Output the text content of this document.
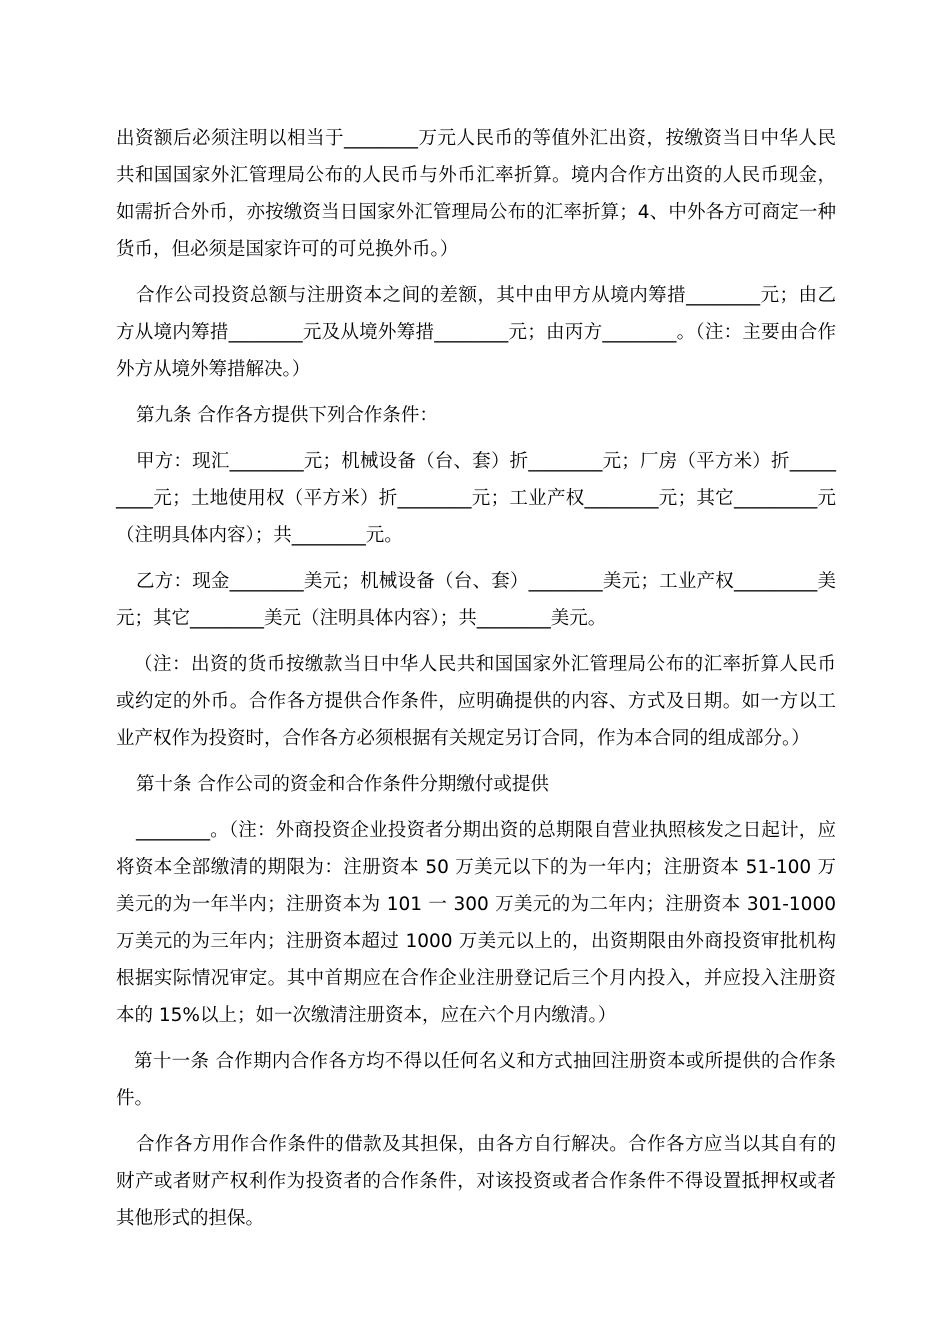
出资额后必须注明以相当于________万元人民币的等值外汇出资，按缴资当日中华人民共和国国家外汇管理局公布的人民币与外币汇率折算。境内合作方出资的人民币现金，如需折合外币，亦按缴资当日国家外汇管理局公布的汇率折算；4、中外各方可商定一种货币，但必须是国家许可的可兑换外币。）

合作公司投资总额与注册资本之间的差额，其中由甲方从境内筹措________元；由乙方从境内筹措________元及从境外筹措________元；由丙方________。（注：主要由合作外方从境外筹措解决。）

第九条 合作各方提供下列合作条件：

甲方：现汇________元；机械设备（台、套）折________元；厂房（平方米）折_________元；土地使用权（平方米）折________元；工业产权________元；其它_________元（注明具体内容）；共________元。

乙方：现金________美元；机械设备（台、套）________美元；工业产权_________美元；其它________美元（注明具体内容）；共________美元。

（注：出资的货币按缴款当日中华人民共和国国家外汇管理局公布的汇率折算人民币或约定的外币。合作各方提供合作条件，应明确提供的内容、方式及日期。如一方以工业产权作为投资时，合作各方必须根据有关规定另订合同，作为本合同的组成部分。）

第十条 合作公司的资金和合作条件分期缴付或提供

________。（注：外商投资企业投资者分期出资的总期限自营业执照核发之日起计，应将资本全部缴清的期限为：注册资本 50 万美元以下的为一年内；注册资本 51-100 万美元的为一年半内；注册资本为 101 一 300 万美元的为二年内；注册资本 301-1000 万美元的为三年内；注册资本超过 1000 万美元以上的，出资期限由外商投资审批机构根据实际情况审定。其中首期应在合作企业注册登记后三个月内投入，并应投入注册资本的 15%以上；如一次缴清注册资本，应在六个月内缴清。）

第十一条 合作期内合作各方均不得以任何名义和方式抽回注册资本或所提供的合作条件。

合作各方用作合作条件的借款及其担保，由各方自行解决。合作各方应当以其自有的财产或者财产权利作为投资者的合作条件，对该投资或者合作条件不得设置抵押权或者其他形式的担保。
